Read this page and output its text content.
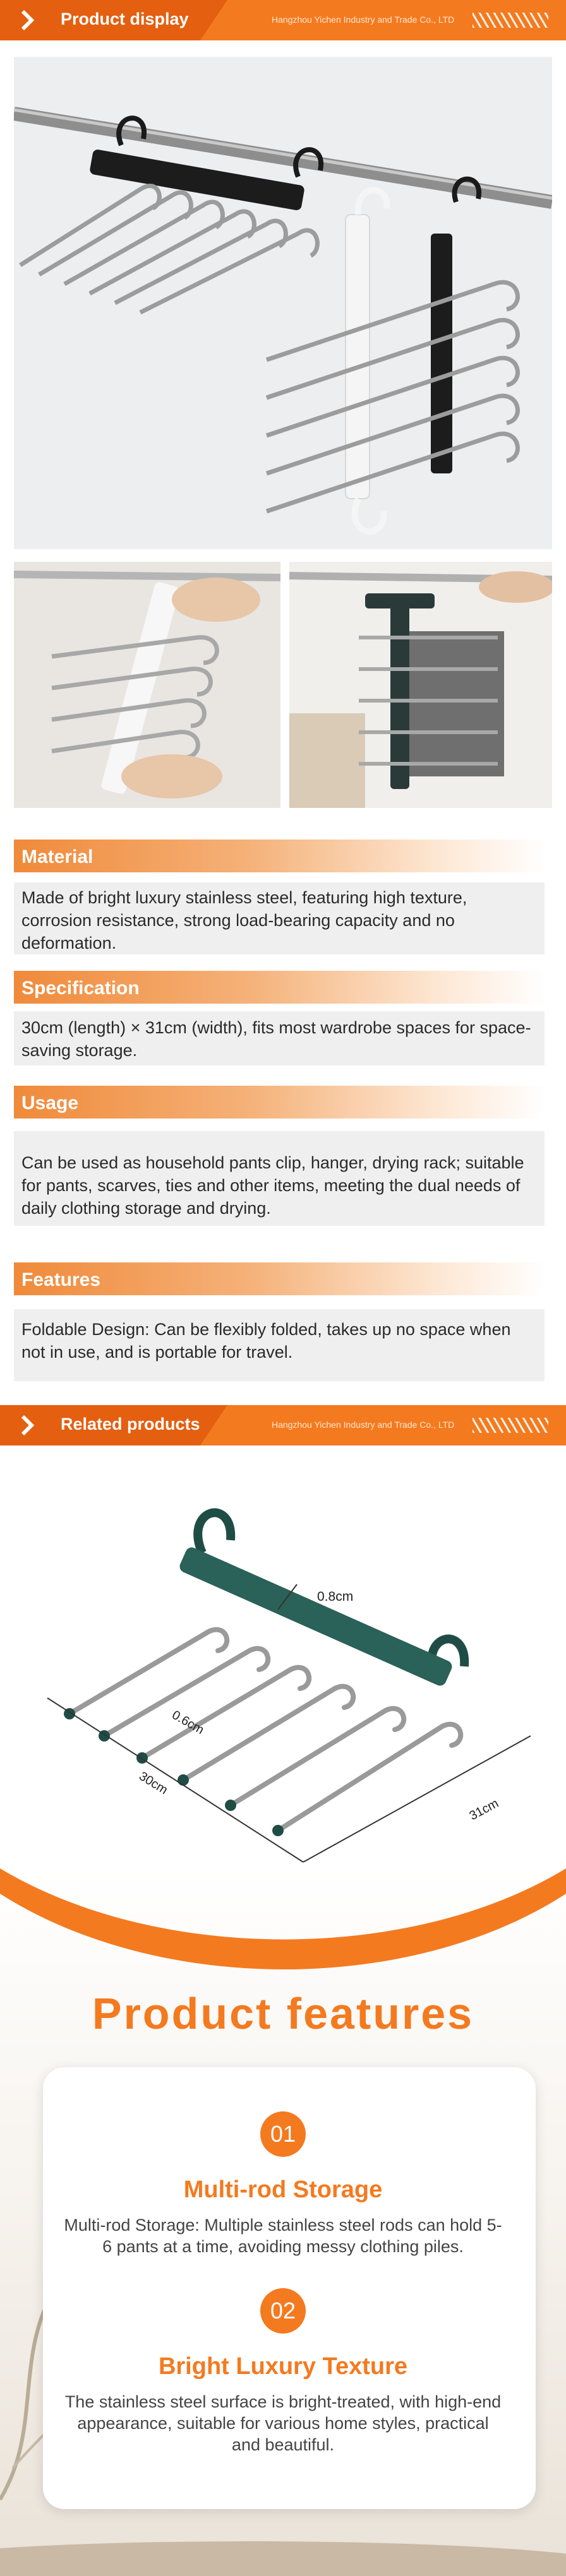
Product display	Hangzhou Yichen Industry and Trade Co., LTD
Material

Made of bright luxury stainless steel, featuring high texture, corrosion resistance, strong load-bearing capacity and no deformation.

Specification

30cm (length) × 31cm (width), fits most wardrobe spaces for space-saving storage.

Usage

Can be used as household pants clip, hanger, drying rack; suitable for pants, scarves, ties and other items, meeting the dual needs of daily clothing storage and drying.

Features

Foldable Design: Can be flexibly folded, takes up no space when not in use, and is portable for travel.

Related products	Hangzhou Yichen Industry and Trade Co., LTD
0.8cm
0.6cm
30cm
31cm
Product features
01
Multi-rod Storage
Multi-rod Storage: Multiple stainless steel rods can hold 5-6 pants at a time, avoiding messy clothing piles.
02
Bright Luxury Texture
The stainless steel surface is bright-treated, with high-end appearance, suitable for various home styles, practical and beautiful.
